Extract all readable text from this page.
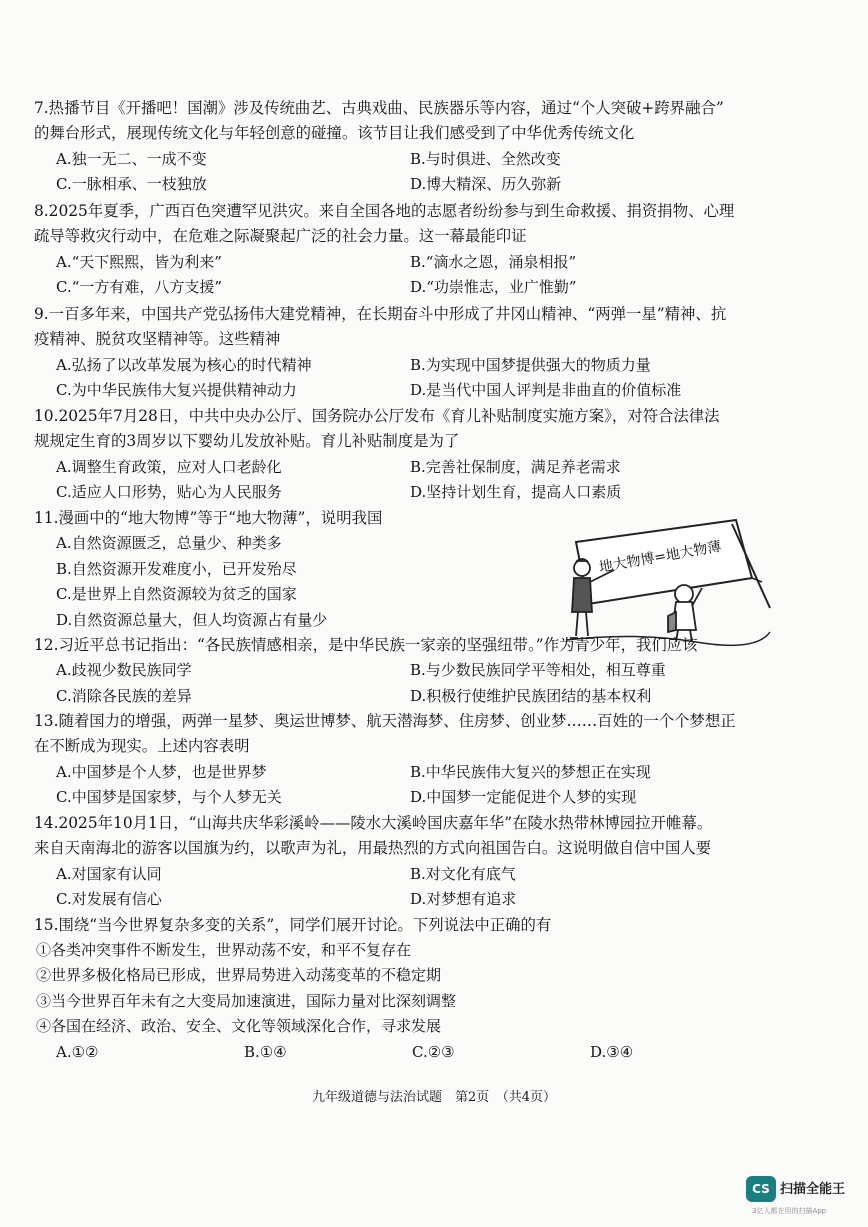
7.热播节目《开播吧！国潮》涉及传统曲艺、古典戏曲、民族器乐等内容，通过“个人突破+跨界融合”
的舞台形式，展现传统文化与年轻创意的碰撞。该节目让我们感受到了中华优秀传统文化

A.独一无二、一成不变	B.与时俱进、全然改变
C.一脉相承、一枝独放	D.博大精深、历久弥新

8.2025年夏季，广西百色突遭罕见洪灾。来自全国各地的志愿者纷纷参与到生命救援、捐资捐物、心理
疏导等救灾行动中，在危难之际凝聚起广泛的社会力量。这一幕最能印证

A.“天下熙熙，皆为利来”	B.“滴水之恩，涌泉相报”
C.“一方有难，八方支援”	D.“功崇惟志，业广惟勤”

9.一百多年来，中国共产党弘扬伟大建党精神，在长期奋斗中形成了井冈山精神、“两弹一星”精神、抗
疫精神、脱贫攻坚精神等。这些精神

A.弘扬了以改革发展为核心的时代精神	B.为实现中国梦提供强大的物质力量
C.为中华民族伟大复兴提供精神动力	D.是当代中国人评判是非曲直的价值标准

10.2025年7月28日，中共中央办公厅、国务院办公厅发布《育儿补贴制度实施方案》，对符合法律法
规规定生育的3周岁以下婴幼儿发放补贴。育儿补贴制度是为了

A.调整生育政策，应对人口老龄化	B.完善社保制度，满足养老需求
C.适应人口形势，贴心为人民服务	D.坚持计划生育，提高人口素质

11.漫画中的“地大物博”等于“地大物薄”，说明我国

A.自然资源匮乏，总量少、种类多
B.自然资源开发难度小，已开发殆尽
C.是世界上自然资源较为贫乏的国家
D.自然资源总量大，但人均资源占有量少
地大物博=地大物薄

12.习近平总书记指出：“各民族情感相亲，是中华民族一家亲的坚强纽带。”作为青少年，我们应该

A.歧视少数民族同学	B.与少数民族同学平等相处，相互尊重
C.消除各民族的差异	D.积极行使维护民族团结的基本权利

13.随着国力的增强，两弹一星梦、奥运世博梦、航天潜海梦、住房梦、创业梦……百姓的一个个梦想正
在不断成为现实。上述内容表明

A.中国梦是个人梦，也是世界梦	B.中华民族伟大复兴的梦想正在实现
C.中国梦是国家梦，与个人梦无关	D.中国梦一定能促进个人梦的实现

14.2025年10月1日，“山海共庆华彩溪岭——陵水大溪岭国庆嘉年华”在陵水热带林博园拉开帷幕。
来自天南海北的游客以国旗为约，以歌声为礼，用最热烈的方式向祖国告白。这说明做自信中国人要

A.对国家有认同	B.对文化有底气
C.对发展有信心	D.对梦想有追求

15.围绕“当今世界复杂多变的关系”，同学们展开讨论。下列说法中正确的有

①各类冲突事件不断发生，世界动荡不安，和平不复存在
②世界多极化格局已形成，世界局势进入动荡变革的不稳定期
③当今世界百年未有之大变局加速演进，国际力量对比深刻调整
④各国在经济、政治、安全、文化等领域深化合作，寻求发展
A.①②	B.①④	C.②③	D.③④
九年级道德与法治试题　第2页　（共4页）
CS 扫描全能王
3亿人都在用的扫描App
